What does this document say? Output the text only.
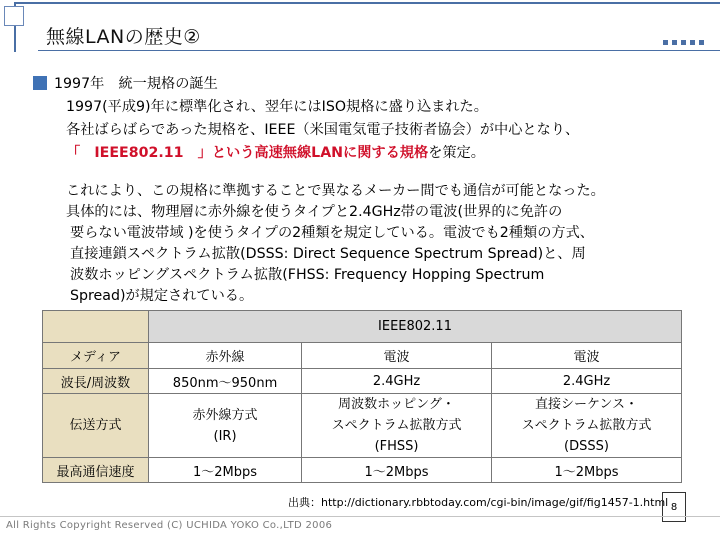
無線LANの歴史②
1997年　統一規格の誕生
1997(平成9)年に標準化され、翌年にはISO規格に盛り込まれた。
各社ばらばらであった規格を、IEEE（米国電気電子技術者協会）が中心となり、
「　IEEE802.11　」という高速無線LANに関する規格を策定。
これにより、この規格に準拠することで異なるメーカー間でも通信が可能となった。
具体的には、物理層に赤外線を使うタイプと2.4GHz帯の電波(世界的に免許の
要らない電波帯域 )を使うタイプの2種類を規定している。電波でも2種類の方式、
直接連鎖スペクトラム拡散(DSSS: Direct Sequence Spectrum Spread)と、周
波数ホッピングスペクトラム拡散(FHSS: Frequency Hopping Spectrum
Spread)が規定されている。
	IEEE802.11		
メディア	赤外線	電波	電波
波長/周波数	850nm～950nm	2.4GHz	2.4GHz
伝送方式	赤外線方式
(IR)	周波数ホッピング・
スペクトラム拡散方式
(FHSS)	直接シーケンス・
スペクトラム拡散方式
(DSSS)

最高通信速度	1～2Mbps	1～2Mbps	1～2Mbps
出典：http://dictionary.rbbtoday.com/cgi-bin/image/gif/fig1457-1.html 8
All Rights Copyright Reserved (C) UCHIDA YOKO Co.,LTD 2006
